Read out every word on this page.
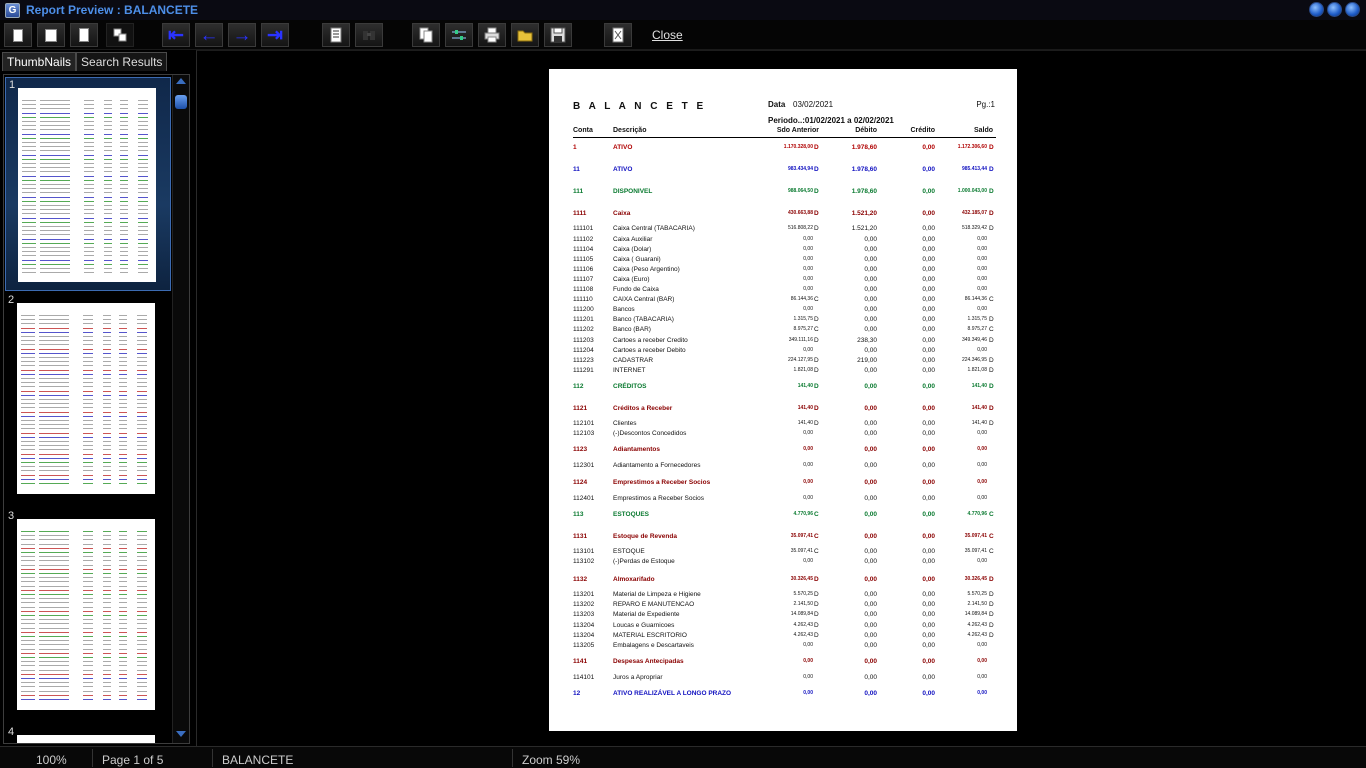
G Report Preview : BALANCETE
⇤ ← → ⇥	Close
ThumbNails Search Results
1
2
3
4
B A L A N C E T E	Data 03/02/2021	Pg.:1
Periodo..:01/02/2021 a 02/02/2021
Conta	Descrição	Sdo Anterior	Débito	Crédito	Saldo
1	ATIVO	1.170.328,00 D	1.978,60	0,00	1.172.306,60 D
11	ATIVO	983.434,94 D	1.978,60	0,00	985.413,44 D
111	DISPONIVEL	988.064,50 D	1.978,60	0,00	1.000.043,00 D
1111	Caixa	430.663,88 D	1.521,20	0,00	432.185,07 D
111101	Caixa Central (TABACARIA)	516.808,22 D	1.521,20	0,00	518.329,42 D
111102	Caixa Auxiliar	0,00	0,00	0,00	0,00
111104	Caixa (Dolar)	0,00	0,00	0,00	0,00
111105	Caixa ( Guarani)	0,00	0,00	0,00	0,00
111106	Caixa (Peso Argentino)	0,00	0,00	0,00	0,00
111107	Caixa (Euro)	0,00	0,00	0,00	0,00
111108	Fundo de Caixa	0,00	0,00	0,00	0,00
111110	CAIXA Central (BAR)	86.144,36 C	0,00	0,00	86.144,36 C
111200	Bancos	0,00	0,00	0,00	0,00
111201	Banco (TABACARIA)	1.315,75 D	0,00	0,00	1.315,75 D
111202	Banco (BAR)	8.975,27 C	0,00	0,00	8.975,27 C
111203	Cartoes a receber Credito	349.111,16 D	238,30	0,00	349.349,46 D
111204	Cartoes a receber Debito	0,00	0,00	0,00	0,00
111223	CADASTRAR	224.127,95 D	219,00	0,00	224.346,95 D
111291	INTERNET	1.821,08 D	0,00	0,00	1.821,08 D
112	CRÉDITOS	141,40 D	0,00	0,00	141,40 D
1121	Créditos a Receber	141,40 D	0,00	0,00	141,40 D
112101	Clientes	141,40 D	0,00	0,00	141,40 D
112103	(-)Descontos Concedidos	0,00	0,00	0,00	0,00
1123	Adiantamentos	0,00	0,00	0,00	0,00
112301	Adiantamento a Fornecedores	0,00	0,00	0,00	0,00
1124	Emprestimos a Receber Socios	0,00	0,00	0,00	0,00
112401	Emprestimos a Receber Socios	0,00	0,00	0,00	0,00
113	ESTOQUES	4.770,96 C	0,00	0,00	4.770,96 C
1131	Estoque de Revenda	35.097,41 C	0,00	0,00	35.097,41 C
113101	ESTOQUE	35.097,41 C	0,00	0,00	35.097,41 C
113102	(-)Perdas de Estoque	0,00	0,00	0,00	0,00
1132	Almoxarifado	30.326,45 D	0,00	0,00	30.326,45 D
113201	Material de Limpeza e Higiene	5.570,25 D	0,00	0,00	5.570,25 D
113202	REPARO E MANUTENCAO	2.141,50 D	0,00	0,00	2.141,50 D
113203	Material de Expediente	14.089,84 D	0,00	0,00	14.089,84 D
113204	Loucas e Guarnicoes	4.262,43 D	0,00	0,00	4.262,43 D
113204	MATERIAL ESCRITORIO	4.262,43 D	0,00	0,00	4.262,43 D
113205	Embalagens e Descartaveis	0,00	0,00	0,00	0,00
1141	Despesas Antecipadas	0,00	0,00	0,00	0,00
114101	Juros a Apropriar	0,00	0,00	0,00	0,00
12	ATIVO REALIZÁVEL A LONGO PRAZO	0,00	0,00	0,00	0,00
100%	Page 1 of 5	BALANCETE	Zoom 59%
